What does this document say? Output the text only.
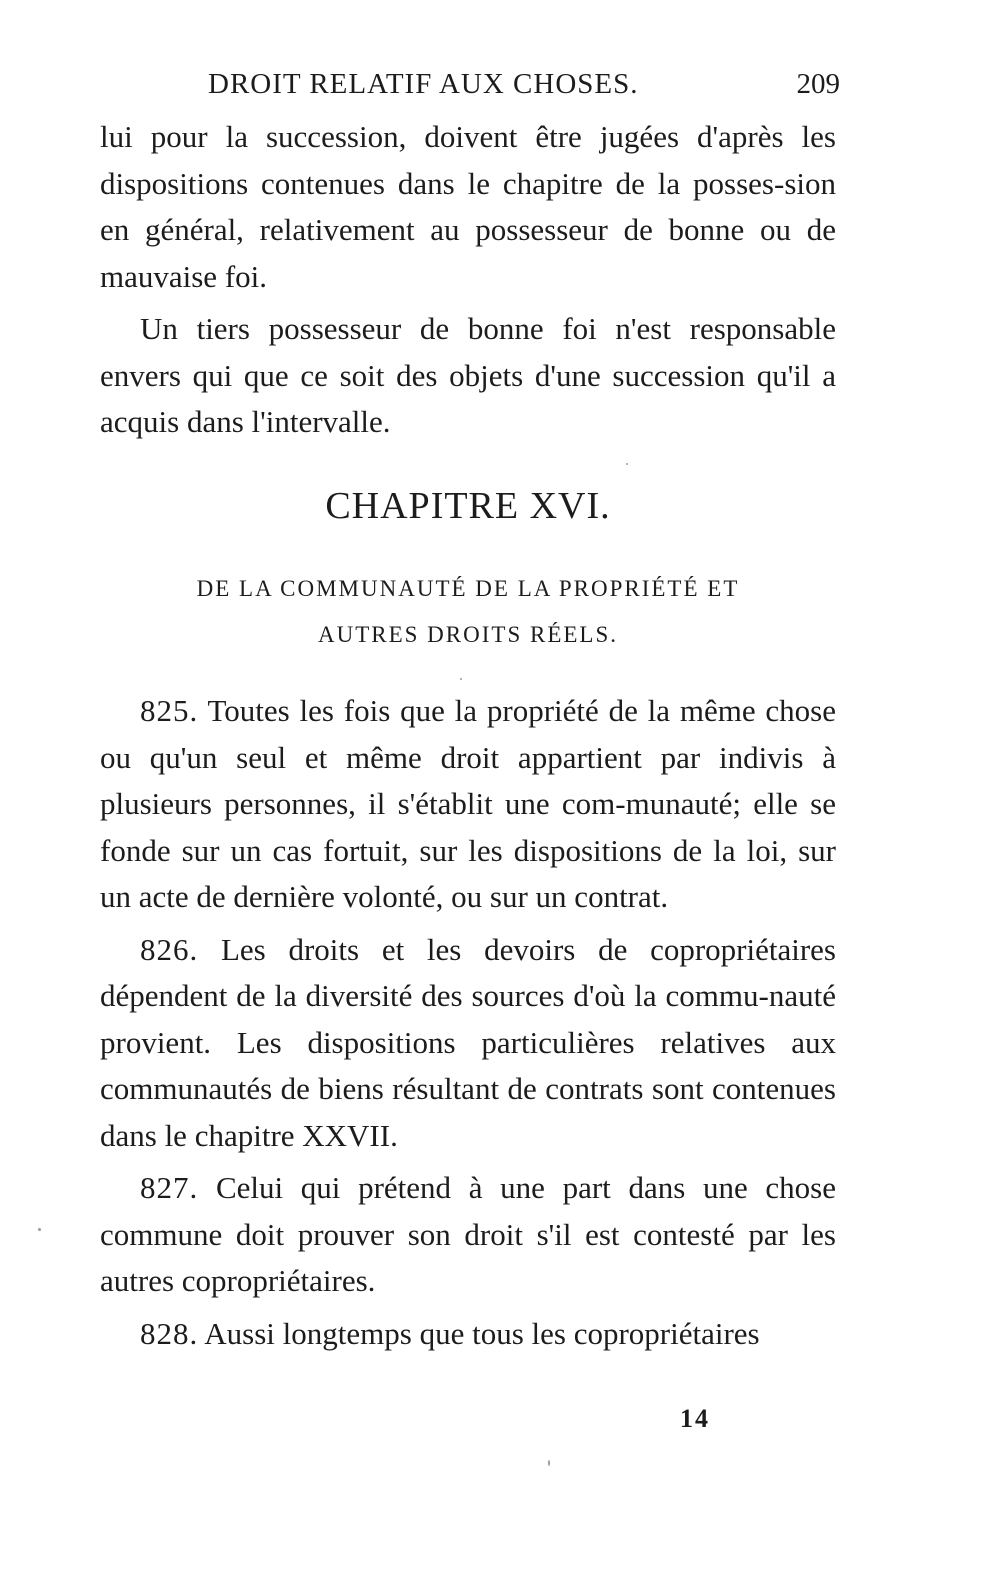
DROIT RELATIF AUX CHOSES.	209

lui pour la succession, doivent être jugées d'après les dispositions contenues dans le chapitre de la posses-sion en général, relativement au possesseur de bonne ou de mauvaise foi.

Un tiers possesseur de bonne foi n'est responsable envers qui que ce soit des objets d'une succession qu'il a acquis dans l'intervalle.

CHAPITRE XVI.
DE LA COMMUNAUTÉ DE LA PROPRIÉTÉ ET
AUTRES DROITS RÉELS.

825. Toutes les fois que la propriété de la même chose ou qu'un seul et même droit appartient par indivis à plusieurs personnes, il s'établit une com-munauté; elle se fonde sur un cas fortuit, sur les dispositions de la loi, sur un acte de dernière volonté, ou sur un contrat.

826. Les droits et les devoirs de copropriétaires dépendent de la diversité des sources d'où la commu-nauté provient. Les dispositions particulières relatives aux communautés de biens résultant de contrats sont contenues dans le chapitre XXVII.

827. Celui qui prétend à une part dans une chose commune doit prouver son droit s'il est contesté par les autres copropriétaires.

828. Aussi longtemps que tous les copropriétaires

14
